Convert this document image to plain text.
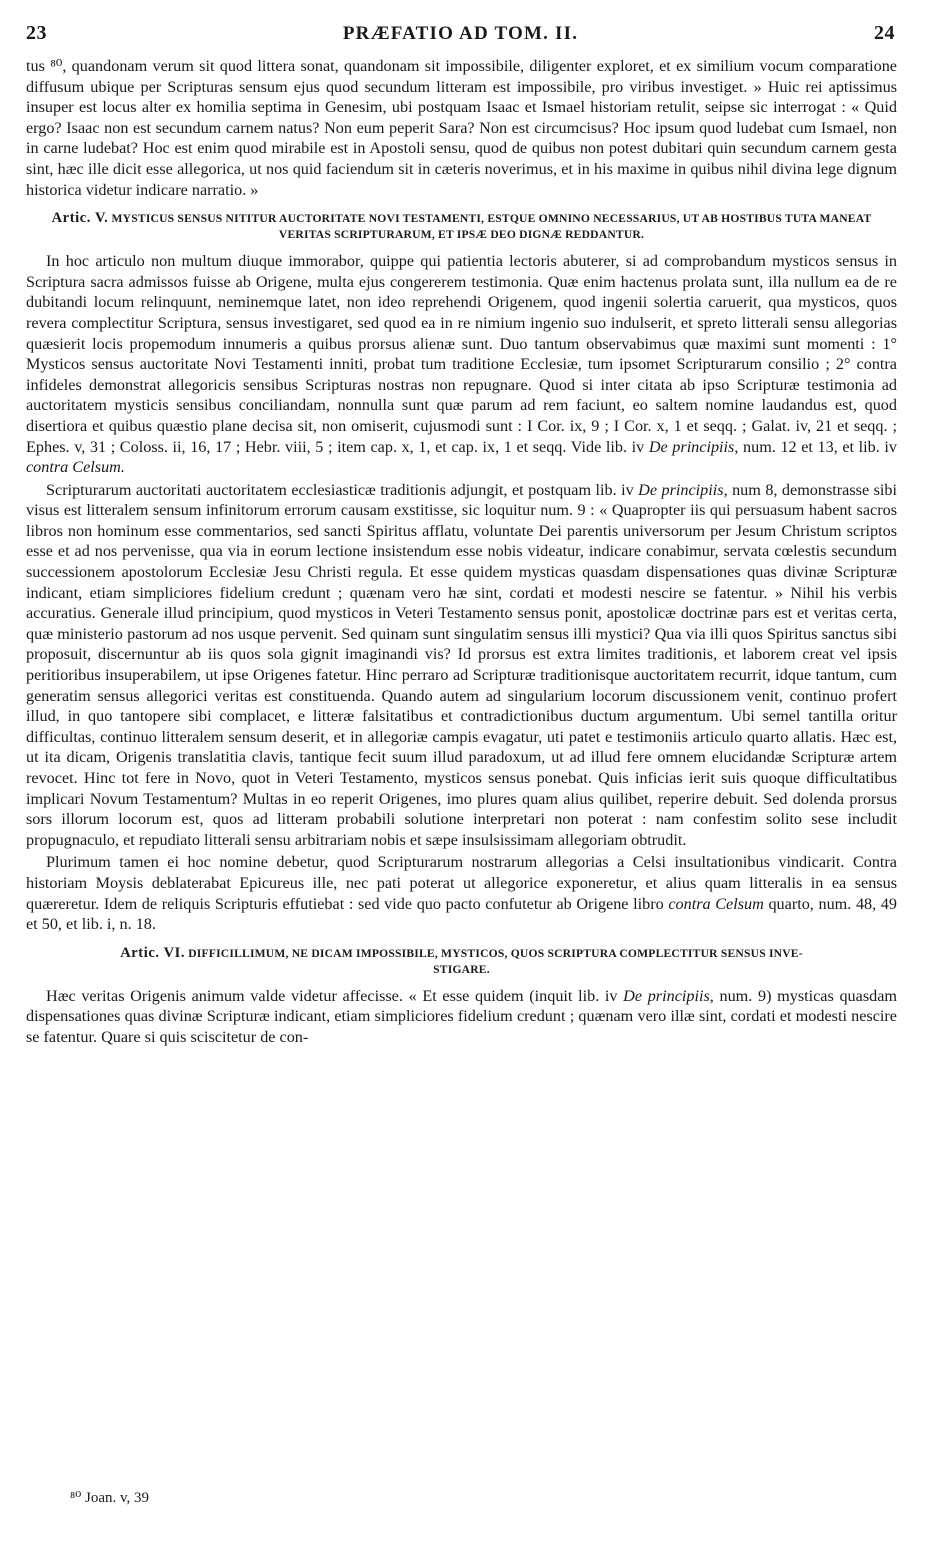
23	PRÆFATIO AD TOM. II.	24

tus ⁸⁰, quandonam verum sit quod littera sonat, quandonam sit impossibile, diligenter exploret, et ex similium vocum comparatione diffusum ubique per Scripturas sensum ejus quod secundum litteram est impossibile, pro viribus investiget. » Huic rei aptissimus insuper est locus alter ex homilia septima in Genesim, ubi postquam Isaac et Ismael historiam retulit, seipse sic interrogat : « Quid ergo? Isaac non est secundum carnem natus? Non eum peperit Sara? Non est circumcisus? Hoc ipsum quod ludebat cum Ismael, non in carne ludebat? Hoc est enim quod mirabile est in Apostoli sensu, quod de quibus non potest dubitari quin secundum carnem gesta sint, hæc ille dicit esse allegorica, ut nos quid faciendum sit in cæteris noverimus, et in his maxime in quibus nihil divina lege dignum historica videtur indicare narratio. »

Artic. V. MYSTICUS SENSUS NITITUR AUCTORITATE NOVI TESTAMENTI, ESTQUE OMNINO NECESSARIUS, UT AB HOSTIBUS TUTA MANEAT VERITAS SCRIPTURARUM, ET IPSÆ DEO DIGNÆ REDDANTUR.

In hoc articulo non multum diuque immorabor, quippe qui patientia lectoris abuterer, si ad comprobandum mysticos sensus in Scriptura sacra admissos fuisse ab Origene, multa ejus congererem testimonia. Quæ enim hactenus prolata sunt, illa nullum ea de re dubitandi locum relinquunt, neminemque latet, non ideo reprehendi Origenem, quod ingenii solertia caruerit, qua mysticos, quos revera complectitur Scriptura, sensus investigaret, sed quod ea in re nimium ingenio suo indulserit, et spreto litterali sensu allegorias quæsierit locis propemodum innumeris a quibus prorsus alienæ sunt. Duo tantum observabimus quæ maximi sunt momenti : 1° Mysticos sensus auctoritate Novi Testamenti inniti, probat tum traditione Ecclesiæ, tum ipsomet Scripturarum consilio ; 2° contra infideles demonstrat allegoricis sensibus Scripturas nostras non repugnare. Quod si inter citata ab ipso Scripturæ testimonia ad auctoritatem mysticis sensibus conciliandam, nonnulla sunt quæ parum ad rem faciunt, eo saltem nomine laudandus est, quod disertiora et quibus quæstio plane decisa sit, non omiserit, cujusmodi sunt : I Cor. ix, 9 ; I Cor. x, 1 et seqq. ; Galat. iv, 21 et seqq. ; Ephes. v, 31 ; Coloss. ii, 16, 17 ; Hebr. viii, 5 ; item cap. x, 1, et cap. ix, 1 et seqq. Vide lib. iv De principiis, num. 12 et 13, et lib. iv contra Celsum.

Scripturarum auctoritati auctoritatem ecclesiasticæ traditionis adjungit, et postquam lib. iv De principiis, num 8, demonstrasse sibi visus est litteralem sensum infinitorum errorum causam exstitisse, sic loquitur num. 9 : « Quapropter iis qui persuasum habent sacros libros non hominum esse commentarios, sed sancti Spiritus afflatu, voluntate Dei parentis universorum per Jesum Christum scriptos esse et ad nos pervenisse, qua via in eorum lectione insistendum esse nobis videatur, indicare conabimur, servata cœlestis secundum successionem apostolorum Ecclesiæ Jesu Christi regula. Et esse quidem mysticas quasdam dispensationes quas divinæ Scripturæ indicant, etiam simpliciores fidelium credunt ; quænam vero hæ sint, cordati et modesti nescire se fatentur. » Nihil his verbis accuratius. Generale illud principium, quod mysticos in Veteri Testamento sensus ponit, apostolicæ doctrinæ pars est et veritas certa, quæ ministerio pastorum ad nos usque pervenit. Sed quinam sunt singulatim sensus illi mystici? Qua via illi quos Spiritus sanctus sibi proposuit, discernuntur ab iis quos sola gignit imaginandi vis? Id prorsus est extra limites traditionis, et laborem creat vel ipsis peritioribus insuperabilem, ut ipse Origenes fatetur. Hinc perraro ad Scripturæ traditionisque auctoritatem recurrit, idque tantum, cum generatim sensus allegorici veritas est constituenda. Quando autem ad singularium locorum discussionem venit, continuo profert illud, in quo tantopere sibi complacet, e litteræ falsitatibus et contradictionibus ductum argumentum. Ubi semel tantilla oritur difficultas, continuo litteralem sensum deserit, et in allegoriæ campis evagatur, uti patet e testimoniis articulo quarto allatis. Hæc est, ut ita dicam, Origenis translatitia clavis, tantique fecit suum illud paradoxum, ut ad illud fere omnem elucidandæ Scripturæ artem revocet. Hinc tot fere in Novo, quot in Veteri Testamento, mysticos sensus ponebat. Quis inficias ierit suis quoque difficultatibus implicari Novum Testamentum? Multas in eo reperit Origenes, imo plures quam alius quilibet, reperire debuit. Sed dolenda prorsus sors illorum locorum est, quos ad litteram probabili solutione interpretari non poterat : nam confestim solito sese includit propugnaculo, et repudiato litterali sensu arbitrariam nobis et sæpe insulsissimam allegoriam obtrudit.

Plurimum tamen ei hoc nomine debetur, quod Scripturarum nostrarum allegorias a Celsi insultationibus vindicarit. Contra historiam Moysis deblaterabat Epicureus ille, nec pati poterat ut allegorice exponeretur, et alius quam litteralis in ea sensus quæreretur. Idem de reliquis Scripturis effutiebat : sed vide quo pacto confutetur ab Origene libro contra Celsum quarto, num. 48, 49 et 50, et lib. i, n. 18.

Artic. VI. DIFFICILLIMUM, NE DICAM IMPOSSIBILE, MYSTICOS, QUOS SCRIPTURA COMPLECTITUR SENSUS INVE-
STIGARE.

Hæc veritas Origenis animum valde videtur affecisse. « Et esse quidem (inquit lib. iv De principiis, num. 9) mysticas quasdam dispensationes quas divinæ Scripturæ indicant, etiam simpliciores fidelium credunt ; quænam vero illæ sint, cordati et modesti nescire se fatentur. Quare si quis sciscitetur de con-

⁸⁰ Joan. v, 39
